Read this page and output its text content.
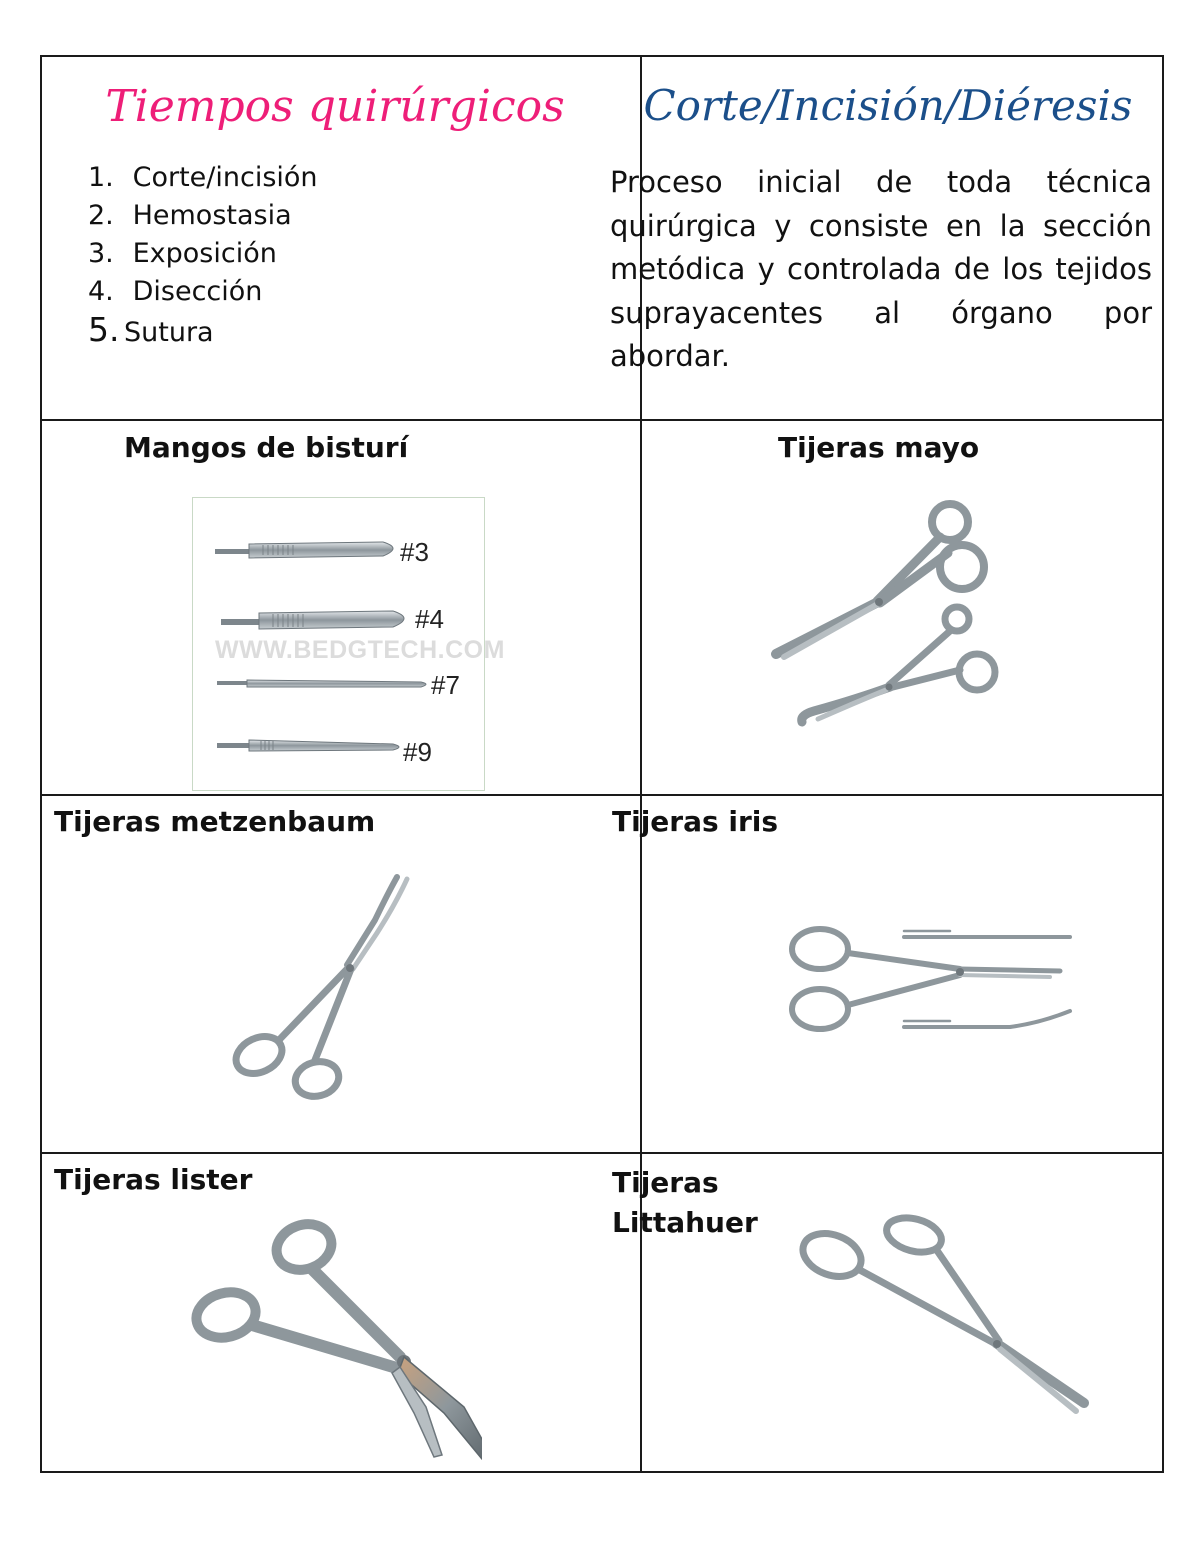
Tiempos quirúrgicos
1. Corte/incisión
2. Hemostasia
3. Exposición
4. Disección
5. Sutura
Corte/Incisión/Diéresis
Proceso inicial de toda técnica quirúrgica y consiste en la sección metódica y controlada de los tejidos suprayacentes al órgano por abordar.
Mangos de bisturí
WWW.BEDGTECH.COM
#3
#4
#7
#9
Tijeras mayo
Tijeras metzenbaum	Tijeras iris
Tijeras lister	Tijeras
Littahuer
